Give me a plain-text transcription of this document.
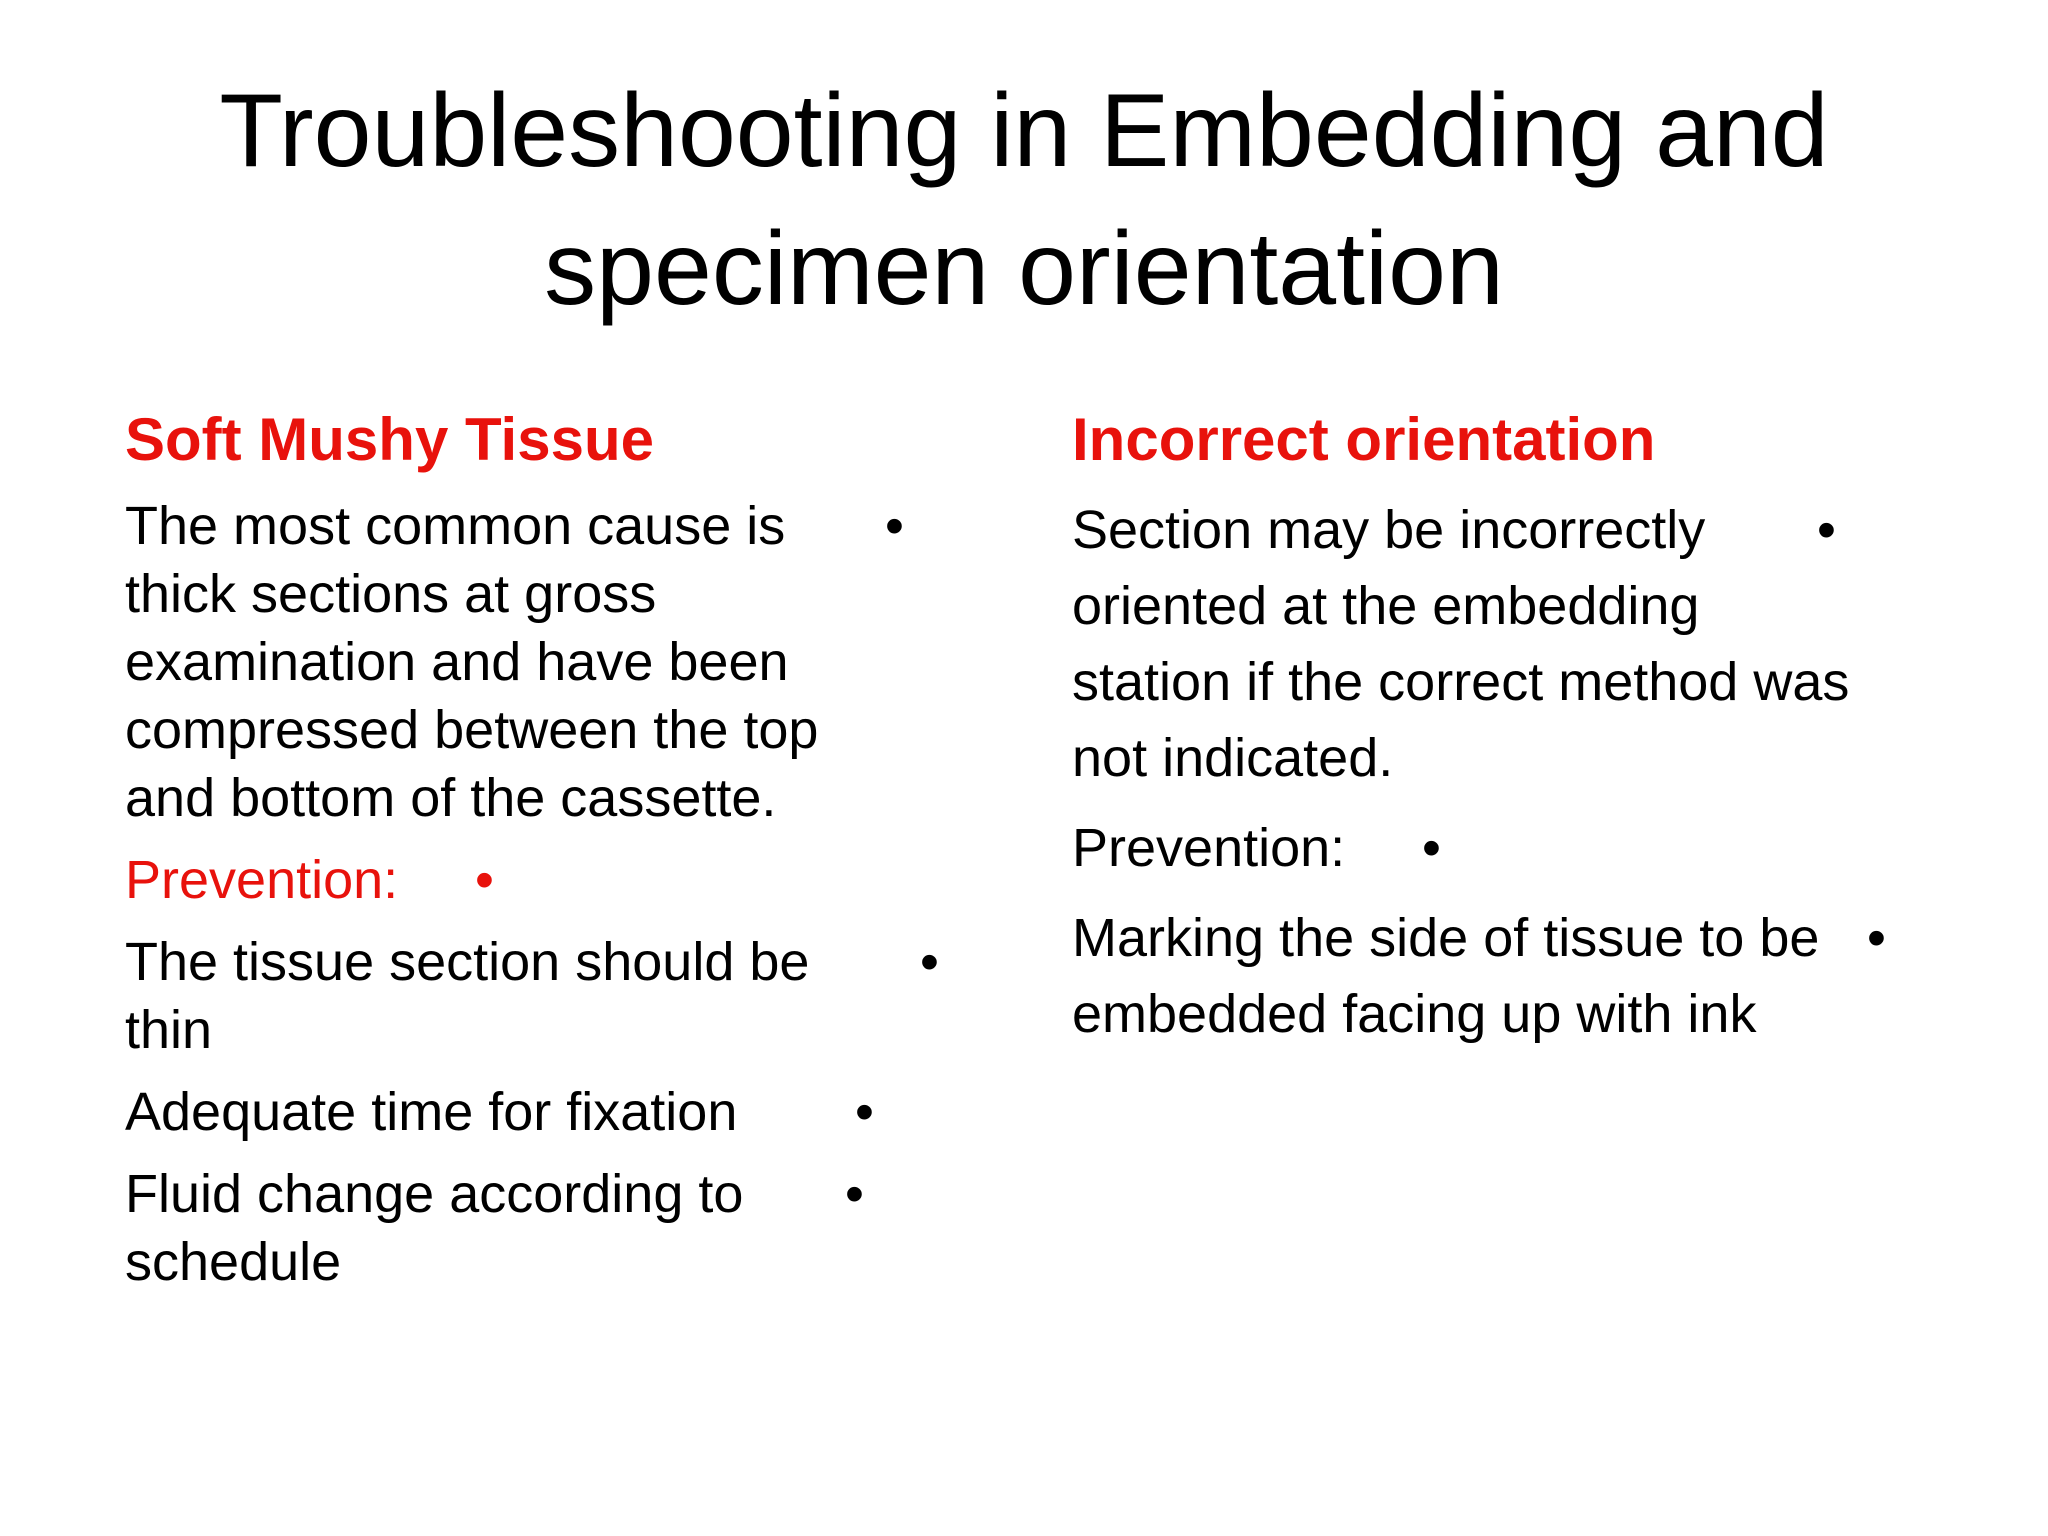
Troubleshooting in Embedding and
specimen orientation
Soft Mushy Tissue
The most common cause is thick sections at gross examination and have been compressed between the top and bottom of the cassette.
•
Prevention: •
The tissue section should be thin
•
Adequate time for fixation •
Fluid change according to schedule
•
Incorrect orientation
Section may be incorrectly oriented at the embedding station if the correct method was not indicated.
•
Prevention: •
Marking the side of tissue to be embedded facing up with ink
•
